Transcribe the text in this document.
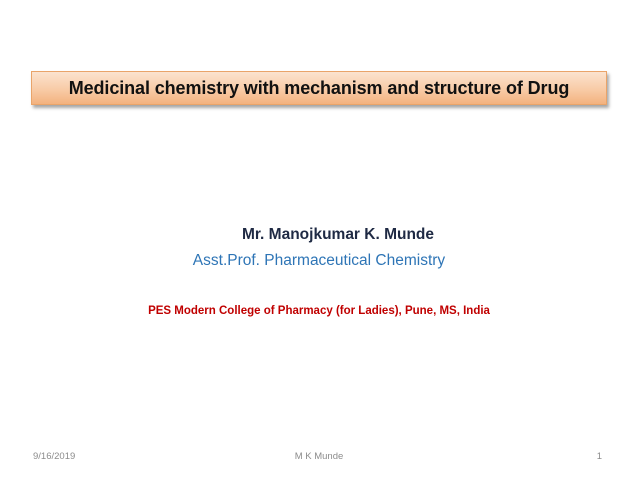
Medicinal chemistry with mechanism and structure of Drug
Mr. Manojkumar K. Munde
Asst.Prof. Pharmaceutical Chemistry
PES Modern College of Pharmacy (for Ladies), Pune, MS, India
9/16/2019	M K Munde	1
